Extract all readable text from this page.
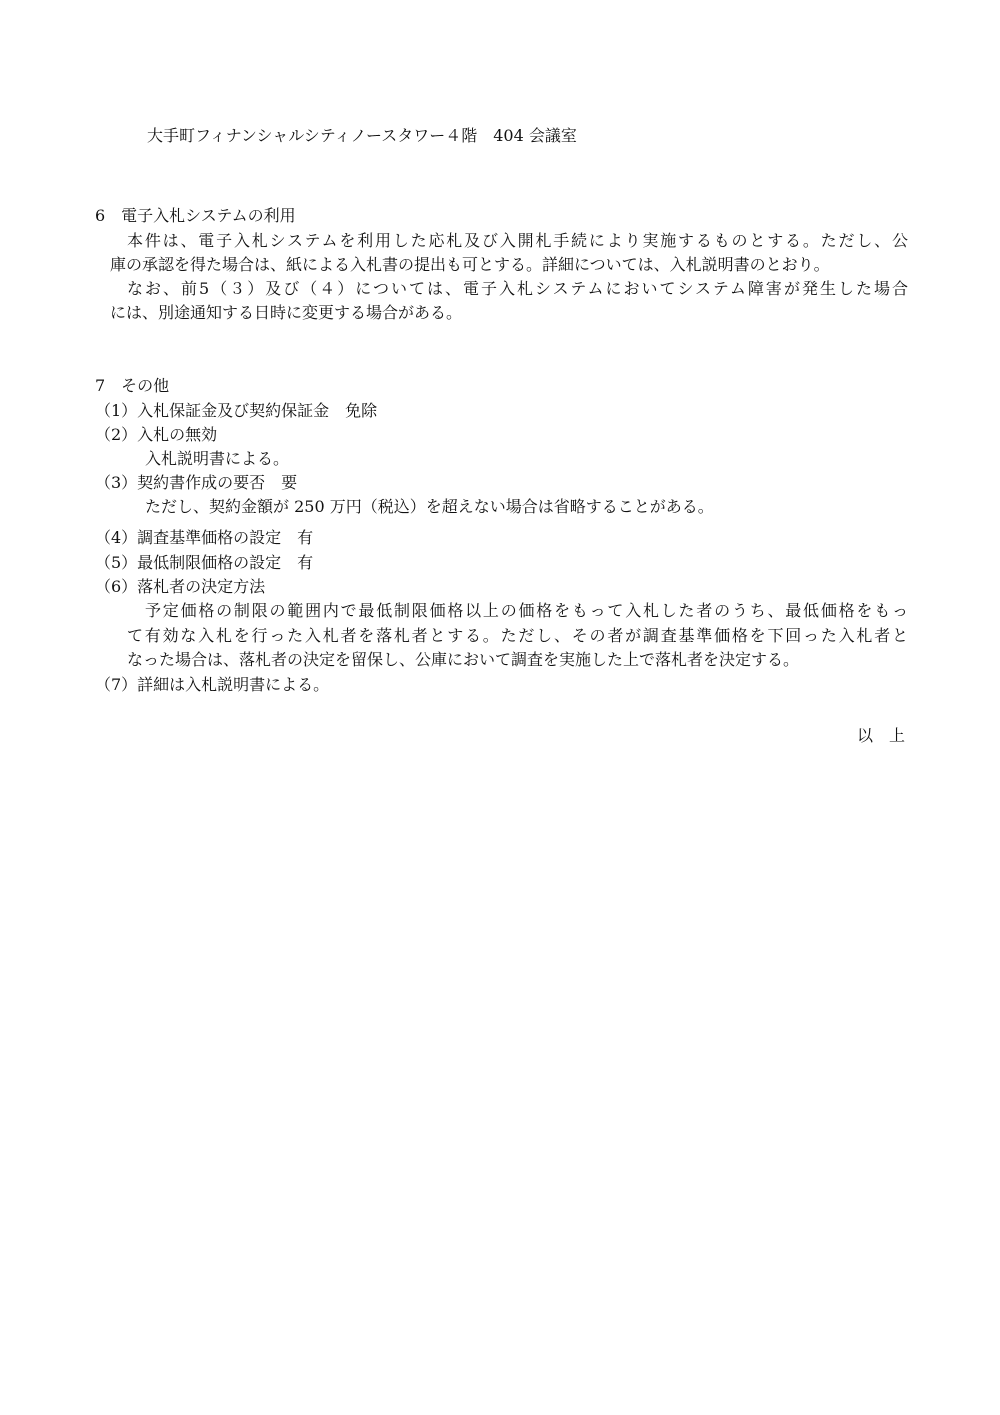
大手町フィナンシャルシティノースタワー４階　404 会議室
6　電子入札システムの利用
本件は、電子入札システムを利用した応札及び入開札手続により実施するものとする。ただし、公
庫の承認を得た場合は、紙による入札書の提出も可とする。詳細については、入札説明書のとおり。
なお、前5（３）及び（４）については、電子入札システムにおいてシステム障害が発生した場合
には、別途通知する日時に変更する場合がある。
7　その他
（1）入札保証金及び契約保証金　免除
（2）入札の無効
入札説明書による。
（3）契約書作成の要否　要
ただし、契約金額が 250 万円（税込）を超えない場合は省略することがある。
（4）調査基準価格の設定　有
（5）最低制限価格の設定　有
（6）落札者の決定方法
予定価格の制限の範囲内で最低制限価格以上の価格をもって入札した者のうち、最低価格をもっ
て有効な入札を行った入札者を落札者とする。ただし、その者が調査基準価格を下回った入札者と
なった場合は、落札者の決定を留保し、公庫において調査を実施した上で落札者を決定する。
（7）詳細は入札説明書による。
以　上
